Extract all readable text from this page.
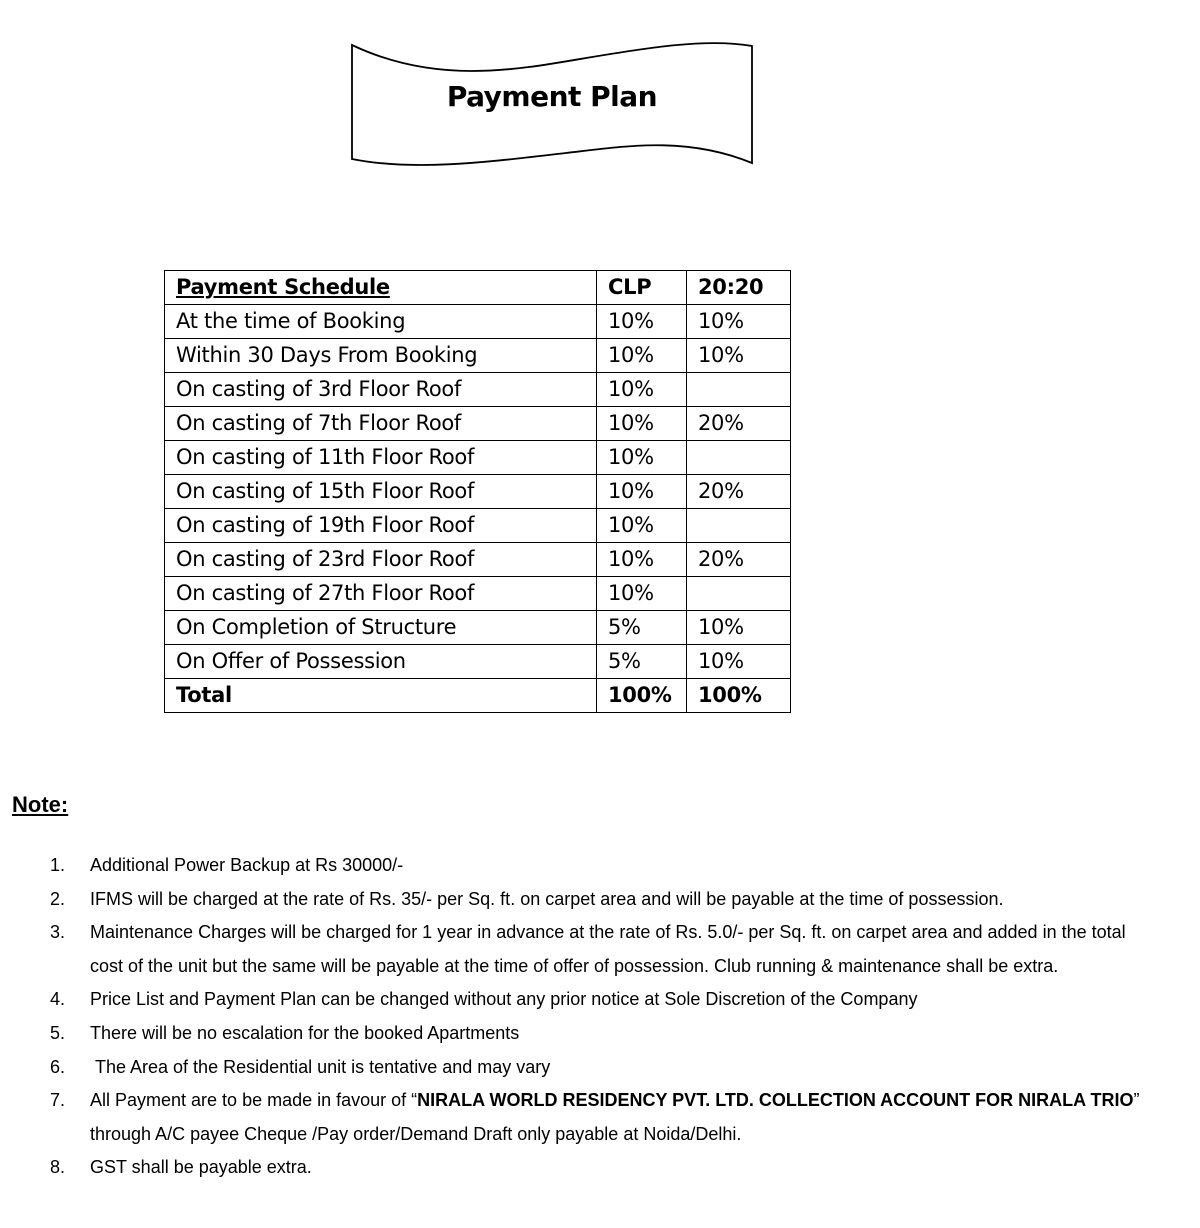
Payment Plan
Payment Schedule	CLP	20:20
At the time of Booking	10%	10%
Within 30 Days From Booking	10%	10%
On casting of 3rd Floor Roof	10%	
On casting of 7th Floor Roof	10%	20%
On casting of 11th Floor Roof	10%	
On casting of 15th Floor Roof	10%	20%
On casting of 19th Floor Roof	10%	
On casting of 23rd Floor Roof	10%	20%
On casting of 27th Floor Roof	10%	
On Completion of Structure	5%	10%
On Offer of Possession	5%	10%
Total	100%	100%
Note:
1. Additional Power Backup at Rs 30000/-
2. IFMS will be charged at the rate of Rs. 35/- per Sq. ft. on carpet area and will be payable at the time of possession.
3. Maintenance Charges will be charged for 1 year in advance at the rate of Rs. 5.0/- per Sq. ft. on carpet area and added in the total cost of the unit but the same will be payable at the time of offer of possession. Club running & maintenance shall be extra.
4. Price List and Payment Plan can be changed without any prior notice at Sole Discretion of the Company
5. There will be no escalation for the booked Apartments
6. The Area of the Residential unit is tentative and may vary
7. All Payment are to be made in favour of “NIRALA WORLD RESIDENCY PVT. LTD. COLLECTION ACCOUNT FOR NIRALA TRIO” through A/C payee Cheque /Pay order/Demand Draft only payable at Noida/Delhi.
8. GST shall be payable extra.
